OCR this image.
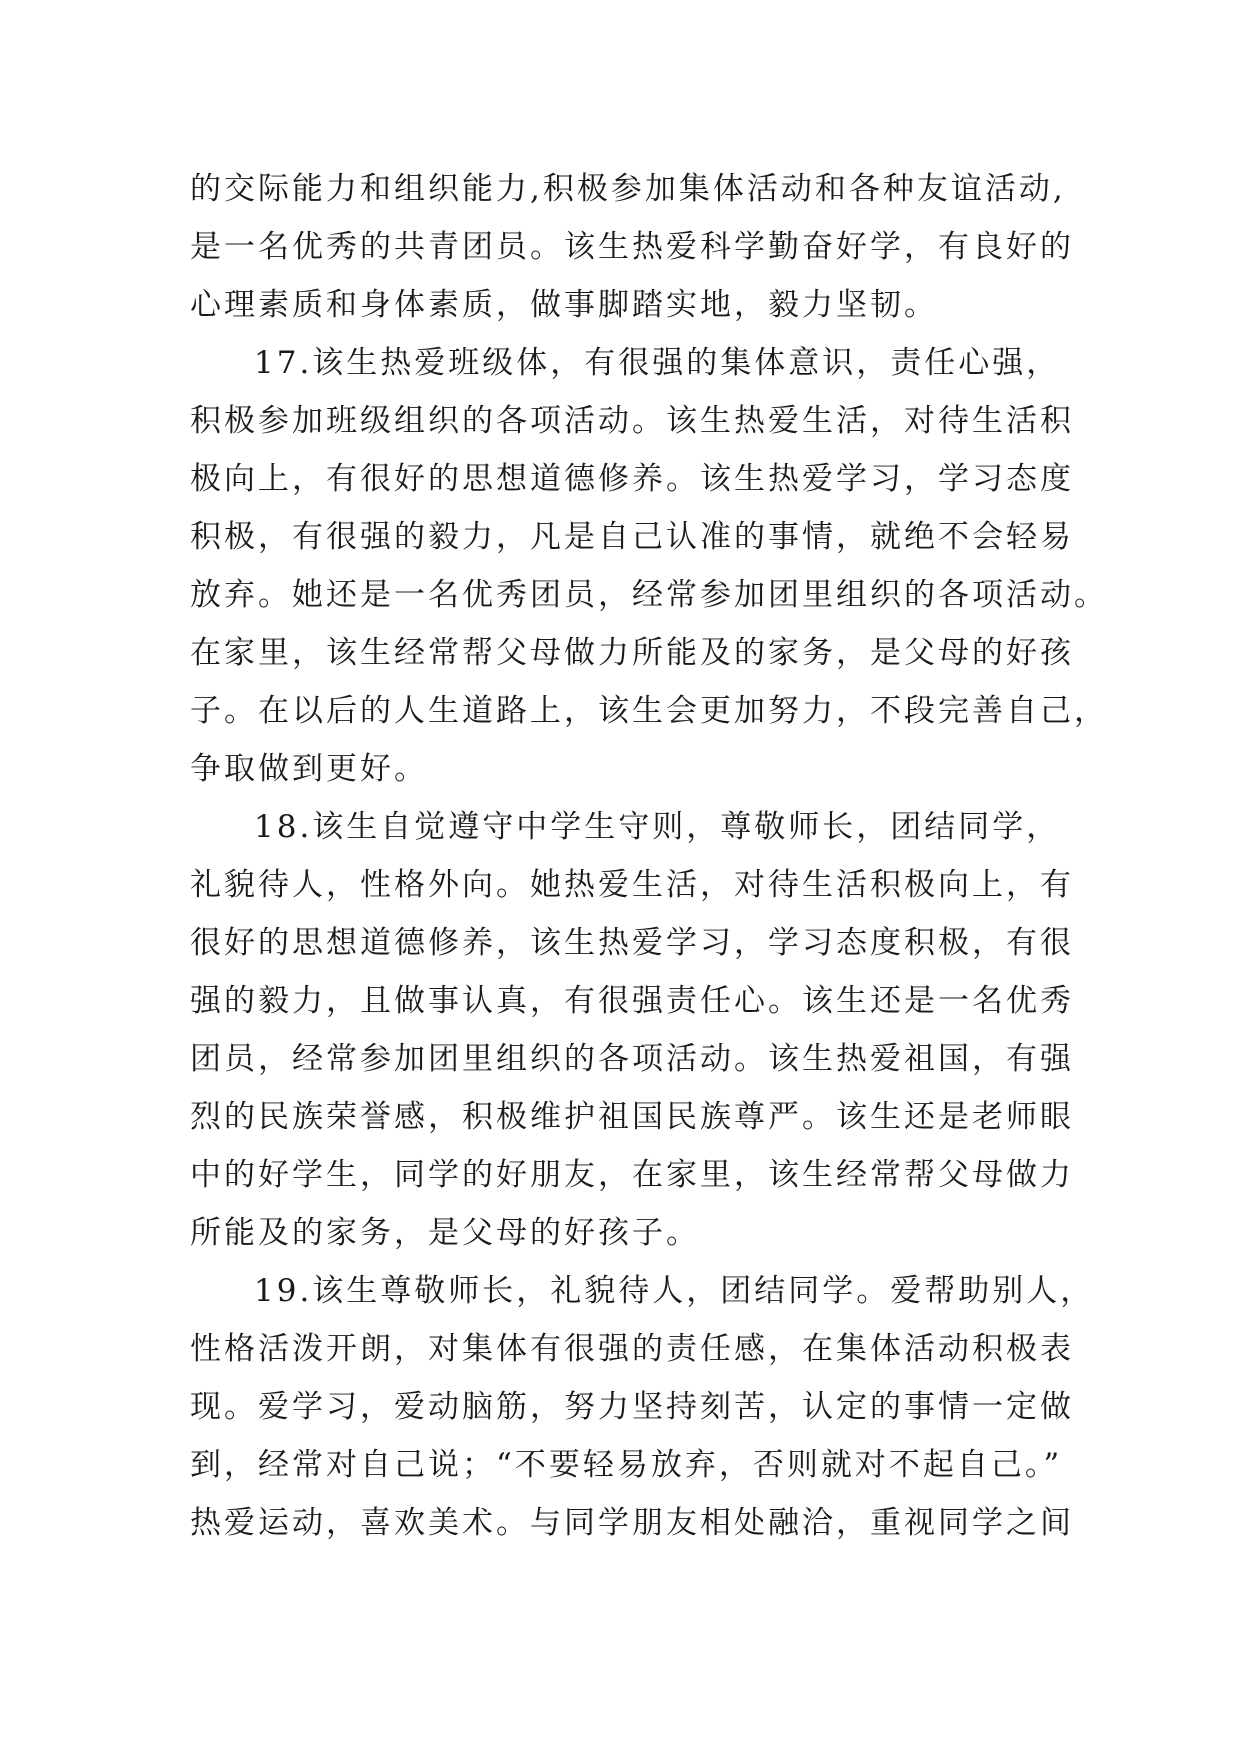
的交际能力和组织能力,积极参加集体活动和各种友谊活动,
是一名优秀的共青团员。该生热爱科学勤奋好学，有良好的
心理素质和身体素质，做事脚踏实地，毅力坚韧。
17.该生热爱班级体，有很强的集体意识，责任心强，
积极参加班级组织的各项活动。该生热爱生活，对待生活积
极向上，有很好的思想道德修养。该生热爱学习，学习态度
积极，有很强的毅力，凡是自己认准的事情，就绝不会轻易
放弃。她还是一名优秀团员，经常参加团里组织的各项活动。
在家里，该生经常帮父母做力所能及的家务，是父母的好孩
子。在以后的人生道路上，该生会更加努力，不段完善自己，
争取做到更好。
18.该生自觉遵守中学生守则，尊敬师长，团结同学，
礼貌待人，性格外向。她热爱生活，对待生活积极向上，有
很好的思想道德修养，该生热爱学习，学习态度积极，有很
强的毅力，且做事认真，有很强责任心。该生还是一名优秀
团员，经常参加团里组织的各项活动。该生热爱祖国，有强
烈的民族荣誉感，积极维护祖国民族尊严。该生还是老师眼
中的好学生，同学的好朋友，在家里，该生经常帮父母做力
所能及的家务，是父母的好孩子。
19.该生尊敬师长，礼貌待人，团结同学。爱帮助别人，
性格活泼开朗，对集体有很强的责任感，在集体活动积极表
现。爱学习，爱动脑筋，努力坚持刻苦，认定的事情一定做
到，经常对自己说；“不要轻易放弃，否则就对不起自己。”
热爱运动，喜欢美术。与同学朋友相处融洽，重视同学之间
